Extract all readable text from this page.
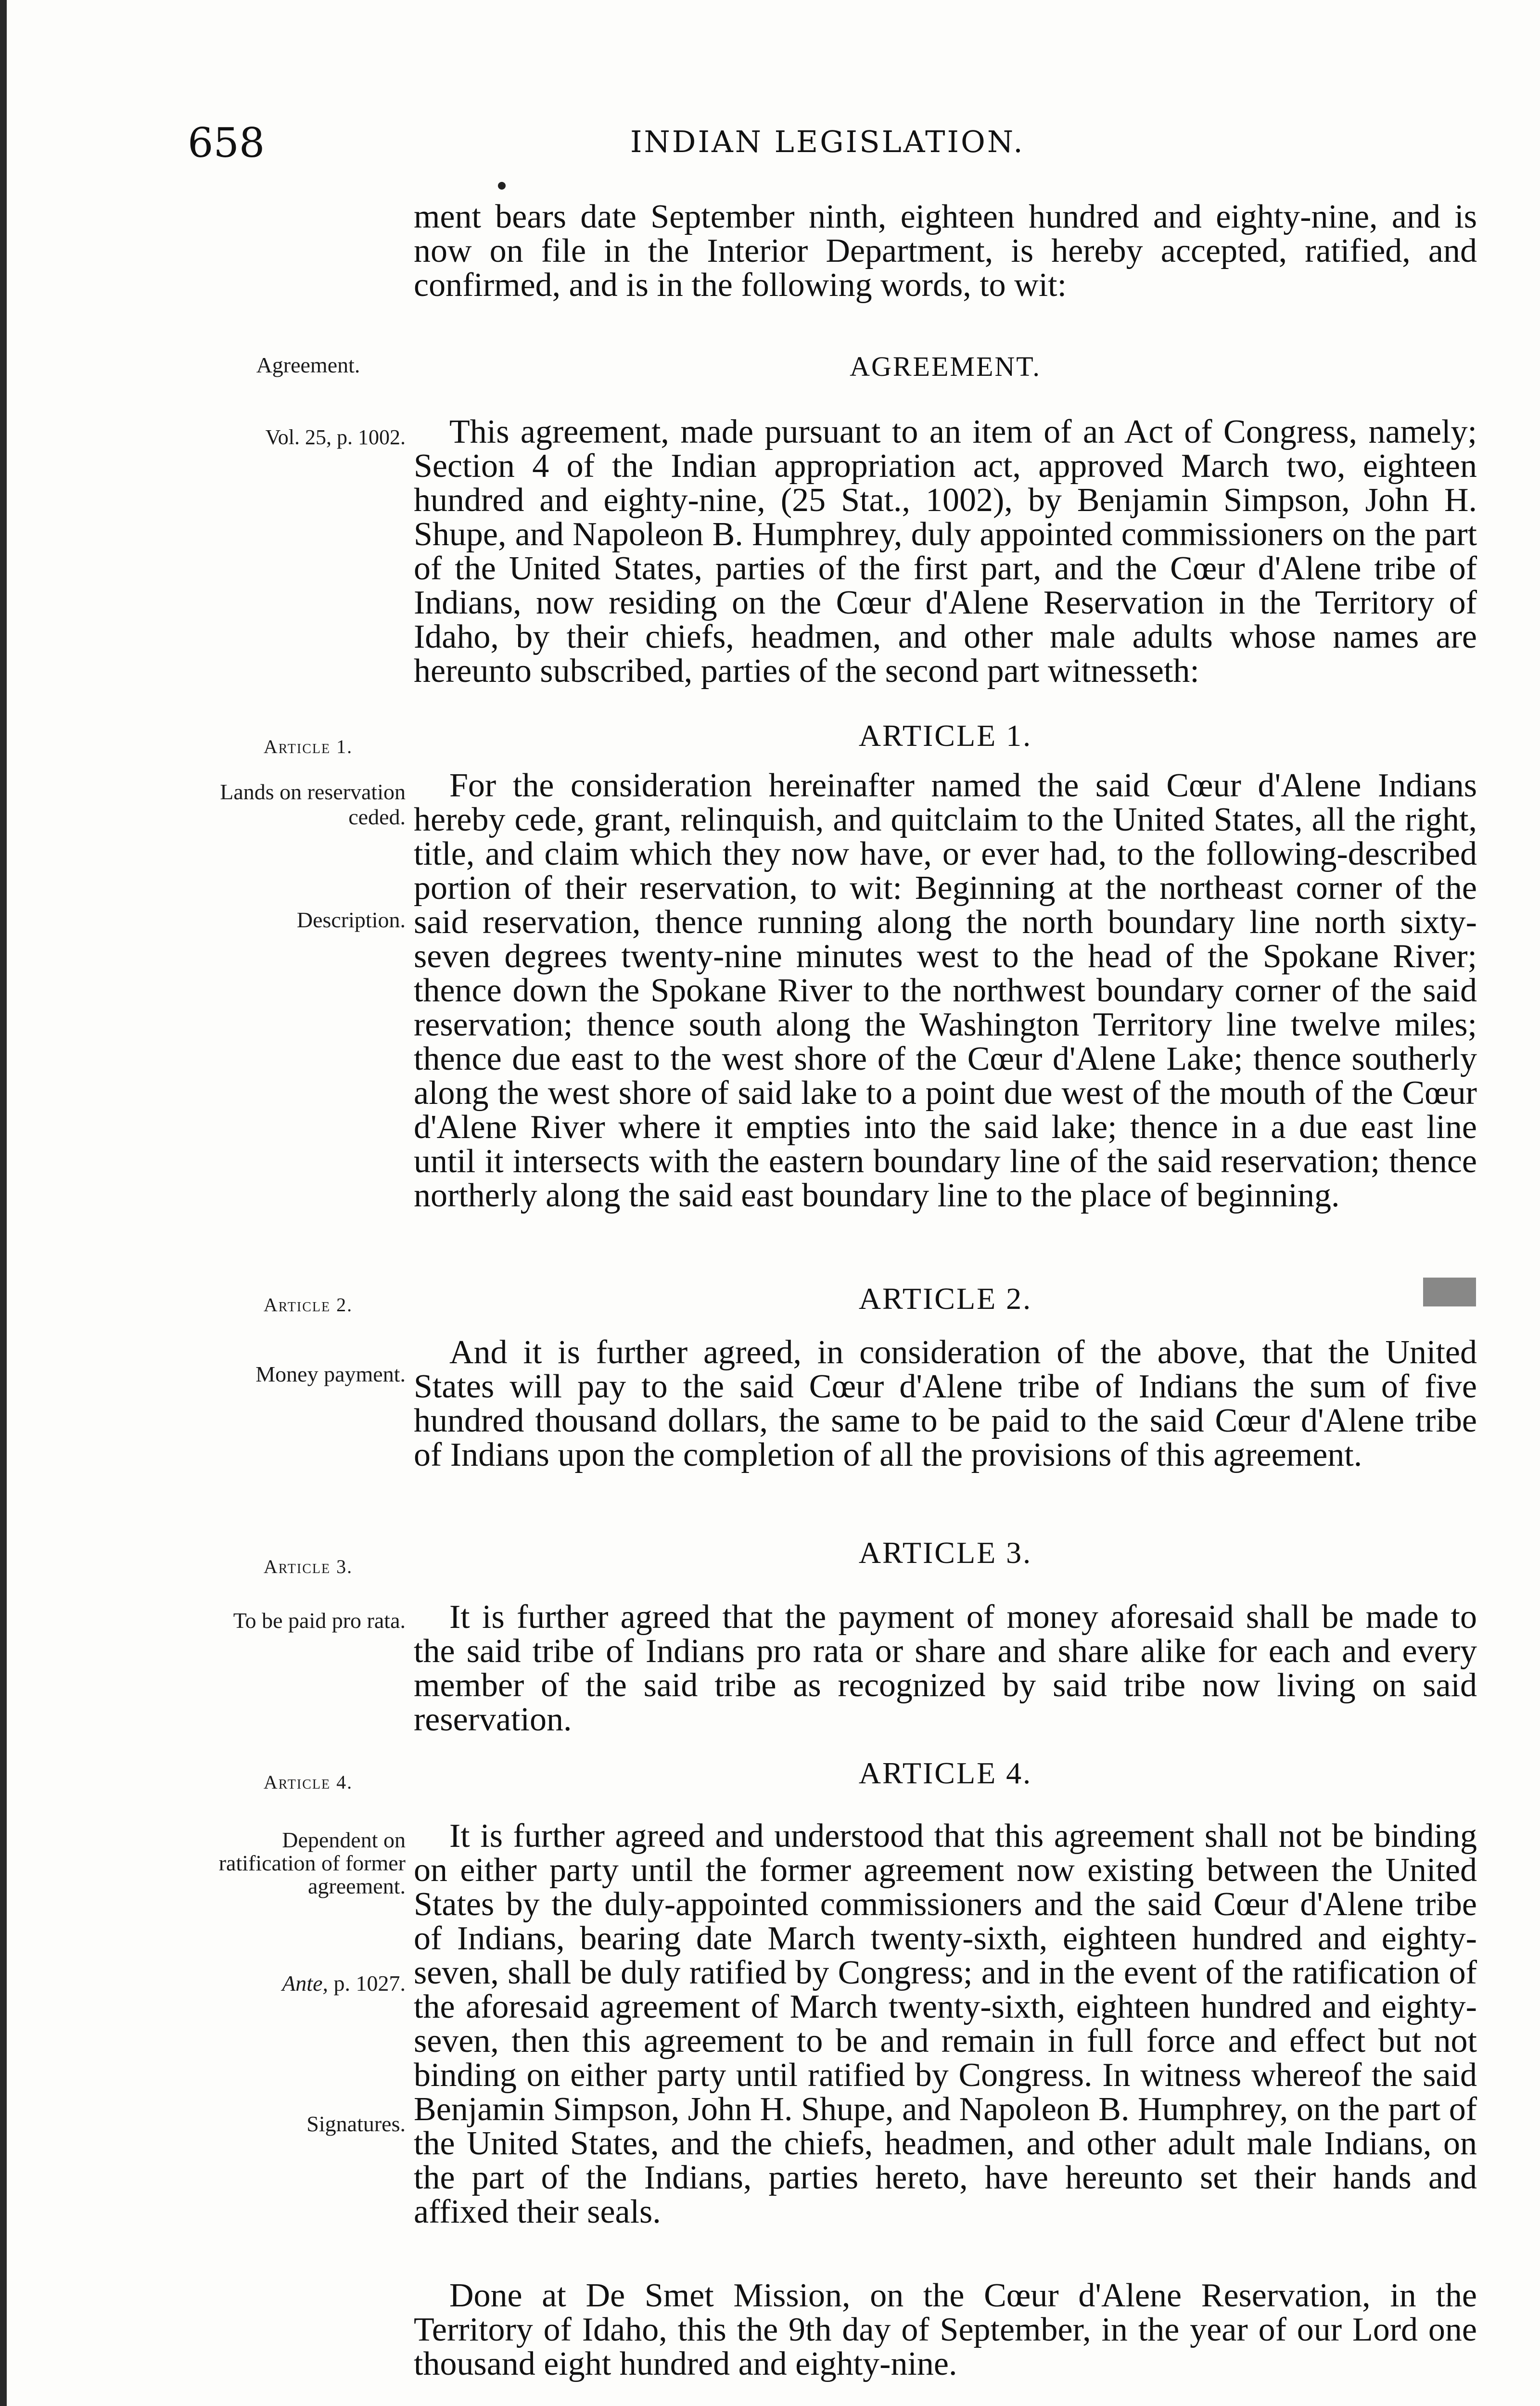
658	INDIAN LEGISLATION.

ment bears date September ninth, eighteen hundred and eighty-nine, and is now on file in the Interior Department, is hereby accepted, ratified, and confirmed, and is in the following words, to wit:

Agreement.	AGREEMENT.
Vol. 25, p. 1002.	This agreement, made pursuant to an item of an Act of Congress, namely; Section 4 of the Indian appropriation act, approved March two, eighteen hundred and eighty-nine, (25 Stat., 1002), by Benjamin Simpson, John H. Shupe, and Napoleon B. Humphrey, duly appointed commissioners on the part of the United States, parties of the first part, and the Cœur d'Alene tribe of Indians, now residing on the Cœur d'Alene Reservation in the Territory of Idaho, by their chiefs, headmen, and other male adults whose names are hereunto subscribed, parties of the second part witnesseth:

Article 1.	ARTICLE 1.
Lands on reservation ceded.
Description.

For the consideration hereinafter named the said Cœur d'Alene Indians hereby cede, grant, relinquish, and quitclaim to the United States, all the right, title, and claim which they now have, or ever had, to the following-described portion of their reservation, to wit: Beginning at the northeast corner of the said reservation, thence running along the north boundary line north sixty-seven degrees twenty-nine minutes west to the head of the Spokane River; thence down the Spokane River to the northwest boundary corner of the said reservation; thence south along the Washington Territory line twelve miles; thence due east to the west shore of the Cœur d'Alene Lake; thence southerly along the west shore of said lake to a point due west of the mouth of the Cœur d'Alene River where it empties into the said lake; thence in a due east line until it intersects with the eastern boundary line of the said reservation; thence northerly along the said east boundary line to the place of beginning.

Article 2.	ARTICLE 2.
Money payment.

And it is further agreed, in consideration of the above, that the United States will pay to the said Cœur d'Alene tribe of Indians the sum of five hundred thousand dollars, the same to be paid to the said Cœur d'Alene tribe of Indians upon the completion of all the provisions of this agreement.

Article 3.	ARTICLE 3.
To be paid pro rata.	It is further agreed that the payment of money aforesaid shall be made to the said tribe of Indians pro rata or share and share alike for each and every member of the said tribe as recognized by said tribe now living on said reservation.

Article 4.	ARTICLE 4.
Dependent on ratification of former agreement.
Ante, p. 1027.
Signatures.

It is further agreed and understood that this agreement shall not be binding on either party until the former agreement now existing between the United States by the duly-appointed commissioners and the said Cœur d'Alene tribe of Indians, bearing date March twenty-sixth, eighteen hundred and eighty-seven, shall be duly ratified by Congress; and in the event of the ratification of the aforesaid agreement of March twenty-sixth, eighteen hundred and eighty-seven, then this agreement to be and remain in full force and effect but not binding on either party until ratified by Congress. In witness whereof the said Benjamin Simpson, John H. Shupe, and Napoleon B. Humphrey, on the part of the United States, and the chiefs, headmen, and other adult male Indians, on the part of the Indians, parties hereto, have hereunto set their hands and affixed their seals.

Done at De Smet Mission, on the Cœur d'Alene Reservation, in the Territory of Idaho, this the 9th day of September, in the year of our Lord one thousand eight hundred and eighty-nine.
